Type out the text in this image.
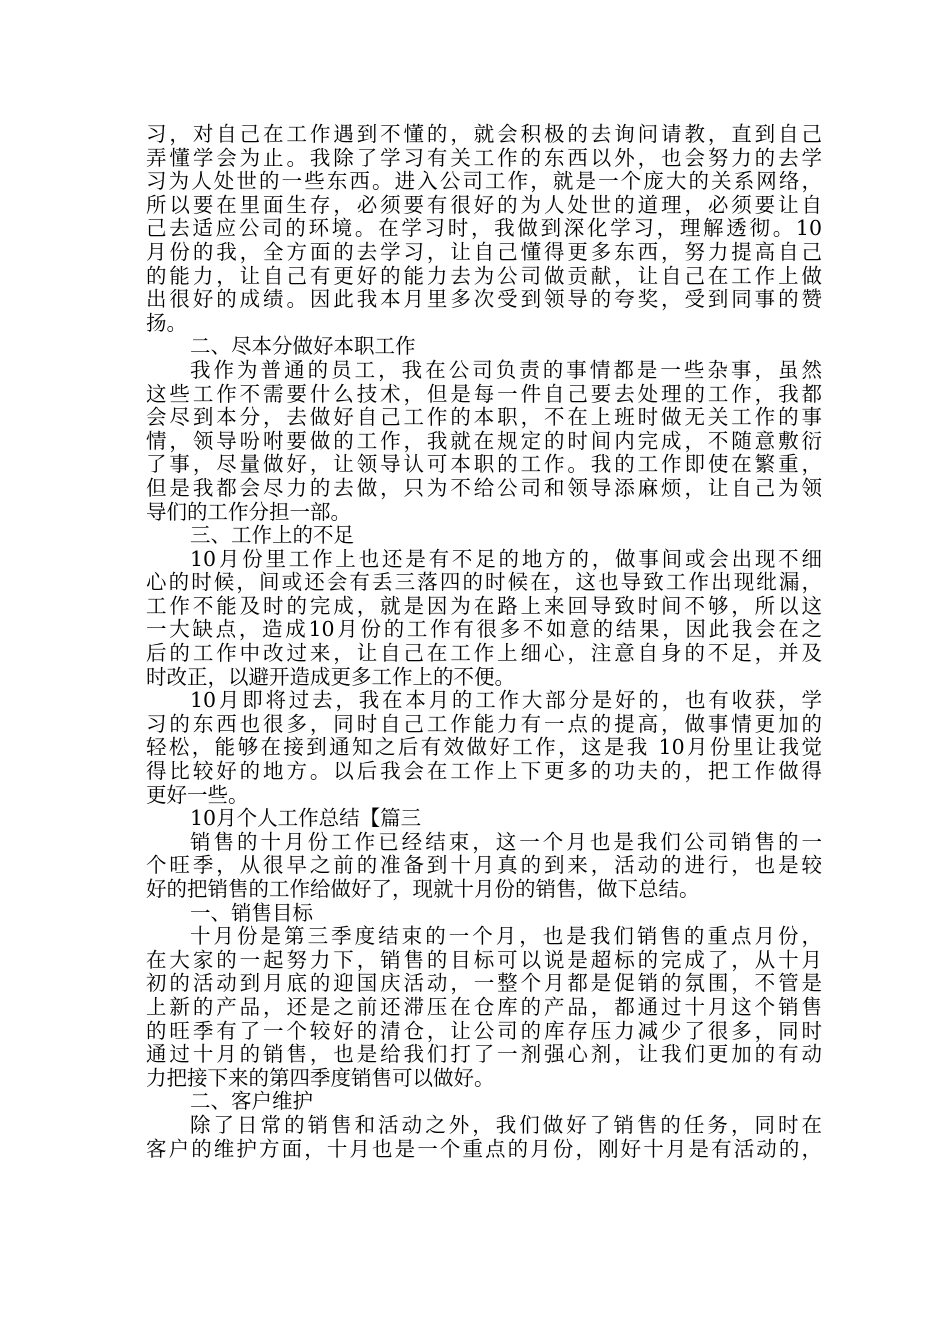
习，对自己在工作遇到不懂的，就会积极的去询问请教，直到自己
弄懂学会为止。我除了学习有关工作的东西以外，也会努力的去学
习为人处世的一些东西。进入公司工作，就是一个庞大的关系网络，
所以要在里面生存，必须要有很好的为人处世的道理，必须要让自
己去适应公司的环境。在学习时，我做到深化学习，理解透彻。10
月份的我，全方面的去学习，让自己懂得更多东西，努力提高自己
的能力，让自己有更好的能力去为公司做贡献，让自己在工作上做
出很好的成绩。因此我本月里多次受到领导的夸奖，受到同事的赞
扬。
二、尽本分做好本职工作
我作为普通的员工，我在公司负责的事情都是一些杂事，虽然
这些工作不需要什么技术，但是每一件自己要去处理的工作，我都
会尽到本分，去做好自己工作的本职，不在上班时做无关工作的事
情，领导吩咐要做的工作，我就在规定的时间内完成，不随意敷衍
了事，尽量做好，让领导认可本职的工作。我的工作即使在繁重，
但是我都会尽力的去做，只为不给公司和领导添麻烦，让自己为领
导们的工作分担一部。
三、工作上的不足
10月份里工作上也还是有不足的地方的，做事间或会出现不细
心的时候，间或还会有丢三落四的时候在，这也导致工作出现纰漏，
工作不能及时的完成，就是因为在路上来回导致时间不够，所以这
一大缺点，造成10月份的工作有很多不如意的结果，因此我会在之
后的工作中改过来，让自己在工作上细心，注意自身的不足，并及
时改正，以避开造成更多工作上的不便。
10月即将过去，我在本月的工作大部分是好的，也有收获，学
习的东西也很多，同时自己工作能力有一点的提高，做事情更加的
轻松，能够在接到通知之后有效做好工作，这是我 10月份里让我觉
得比较好的地方。以后我会在工作上下更多的功夫的，把工作做得
更好一些。
10月个人工作总结【篇三
销售的十月份工作已经结束，这一个月也是我们公司销售的一
个旺季，从很早之前的准备到十月真的到来，活动的进行，也是较
好的把销售的工作给做好了，现就十月份的销售，做下总结。
一、销售目标
十月份是第三季度结束的一个月，也是我们销售的重点月份，
在大家的一起努力下，销售的目标可以说是超标的完成了，从十月
初的活动到月底的迎国庆活动，一整个月都是促销的氛围，不管是
上新的产品，还是之前还滞压在仓库的产品，都通过十月这个销售
的旺季有了一个较好的清仓，让公司的库存压力减少了很多，同时
通过十月的销售，也是给我们打了一剂强心剂，让我们更加的有动
力把接下来的第四季度销售可以做好。
二、客户维护
除了日常的销售和活动之外，我们做好了销售的任务，同时在
客户的维护方面，十月也是一个重点的月份，刚好十月是有活动的，
